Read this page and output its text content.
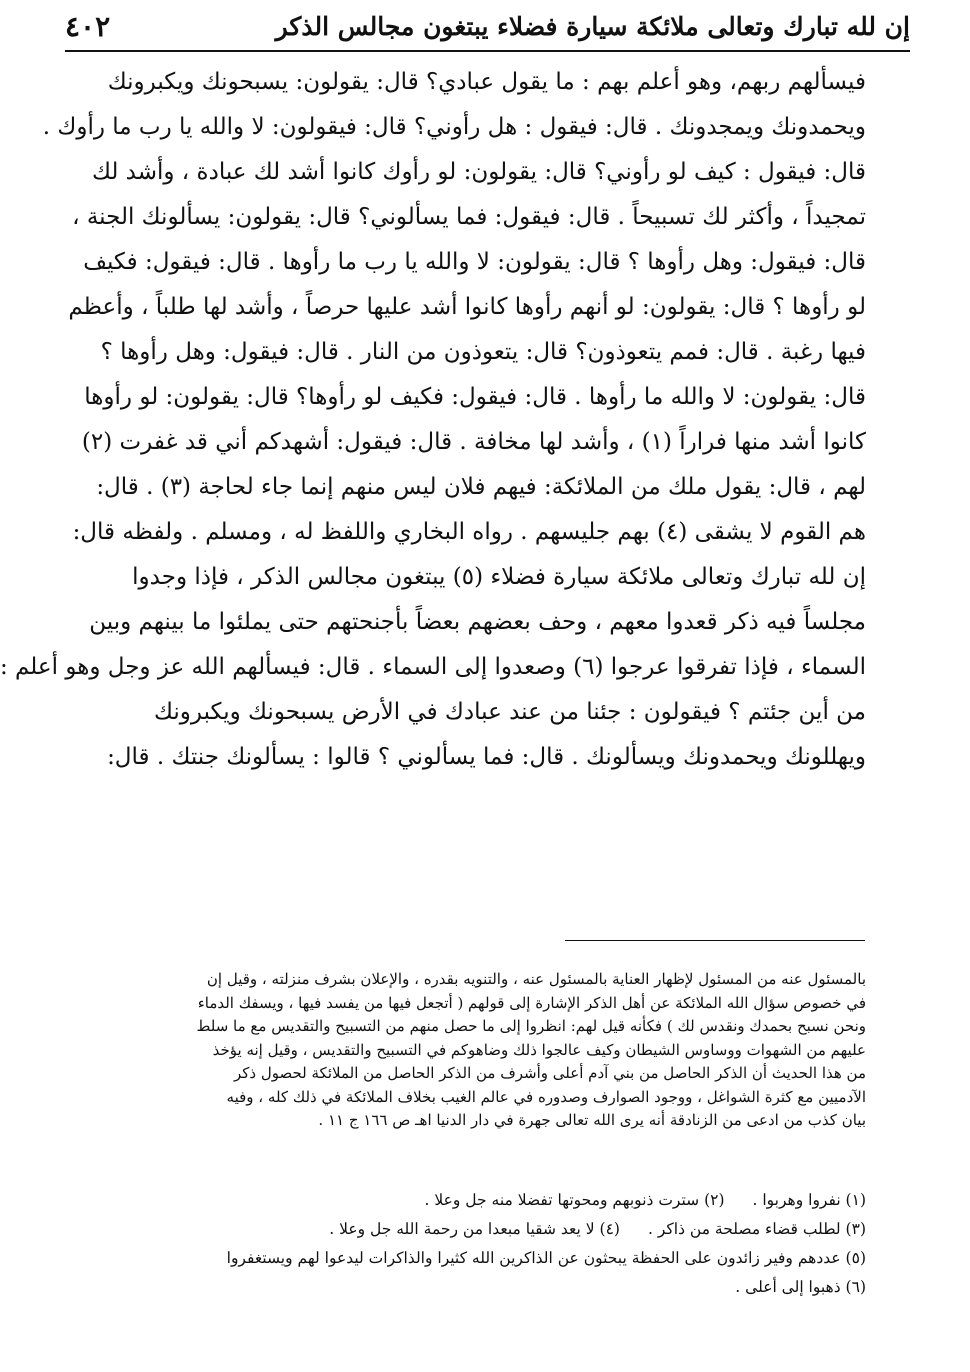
إن لله تبارك وتعالى ملائكة سيارة فضلاء يبتغون مجالس الذكر
٤٠٢
فيسألهم ربهم، وهو أعلم بهم : ما يقول عبادي؟ قال: يقولون: يسبحونك ويكبرونك
ويحمدونك ويمجدونك . قال: فيقول : هل رأوني؟ قال: فيقولون: لا والله يا رب ما رأوك .
قال: فيقول : كيف لو رأوني؟ قال: يقولون: لو رأوك كانوا أشد لك عبادة ، وأشد لك
تمجيداً ، وأكثر لك تسبيحاً . قال: فيقول: فما يسألوني؟ قال: يقولون: يسألونك الجنة ،
قال: فيقول: وهل رأوها ؟ قال: يقولون: لا والله يا رب ما رأوها . قال: فيقول: فكيف
لو رأوها ؟ قال: يقولون: لو أنهم رأوها كانوا أشد عليها حرصاً ، وأشد لها طلباً ، وأعظم
فيها رغبة . قال: فمم يتعوذون؟ قال: يتعوذون من النار . قال: فيقول: وهل رأوها ؟
قال: يقولون: لا والله ما رأوها . قال: فيقول: فكيف لو رأوها؟ قال: يقولون: لو رأوها
كانوا أشد منها فراراً (١) ، وأشد لها مخافة . قال: فيقول: أشهدكم أني قد غفرت (٢)
لهم ، قال: يقول ملك من الملائكة: فيهم فلان ليس منهم إنما جاء لحاجة (٣) . قال:
هم القوم لا يشقى (٤) بهم جليسهم . رواه البخاري واللفظ له ، ومسلم . ولفظه قال:
إن لله تبارك وتعالى ملائكة سيارة فضلاء (٥) يبتغون مجالس الذكر ، فإذا وجدوا
مجلساً فيه ذكر قعدوا معهم ، وحف بعضهم بعضاً بأجنحتهم حتى يملئوا ما بينهم وبين
السماء ، فإذا تفرقوا عرجوا (٦) وصعدوا إلى السماء . قال: فيسألهم الله عز وجل وهو أعلم :
من أين جئتم ؟ فيقولون : جئنا من عند عبادك في الأرض يسبحونك ويكبرونك
ويهللونك ويحمدونك ويسألونك . قال: فما يسألوني ؟ قالوا : يسألونك جنتك . قال:
بالمسئول عنه من المسئول لإظهار العناية بالمسئول عنه ، والتنويه بقدره ، والإعلان بشرف منزلته ، وقيل إن
في خصوص سؤال الله الملائكة عن أهل الذكر الإشارة إلى قولهم ( أتجعل فيها من يفسد فيها ، ويسفك الدماء
ونحن نسبح بحمدك ونقدس لك ) فكأنه قيل لهم: انظروا إلى ما حصل منهم من التسبيح والتقديس مع ما سلط
عليهم من الشهوات ووساوس الشيطان وكيف عالجوا ذلك وضاهوكم في التسبيح والتقديس ، وقيل إنه يؤخذ
من هذا الحديث أن الذكر الحاصل من بني آدم أعلى وأشرف من الذكر الحاصل من الملائكة لحصول ذكر
الآدميين مع كثرة الشواغل ، ووجود الصوارف وصدوره في عالم الغيب بخلاف الملائكة في ذلك كله ، وفيه
بيان كذب من ادعى من الزنادقة أنه يرى الله تعالى جهرة في دار الدنيا اهـ ص ١٦٦ ج ١١ .
(١) نفروا وهربوا .
(٢) سترت ذنوبهم ومحوتها تفضلا منه جل وعلا .
(٣) لطلب قضاء مصلحة من ذاكر .
(٤) لا يعد شقيا مبعدا من رحمة الله جل وعلا .
(٥) عددهم وفير زائدون على الحفظة يبحثون عن الذاكرين الله كثيرا والذاكرات ليدعوا لهم ويستغفروا
(٦) ذهبوا إلى أعلى .
